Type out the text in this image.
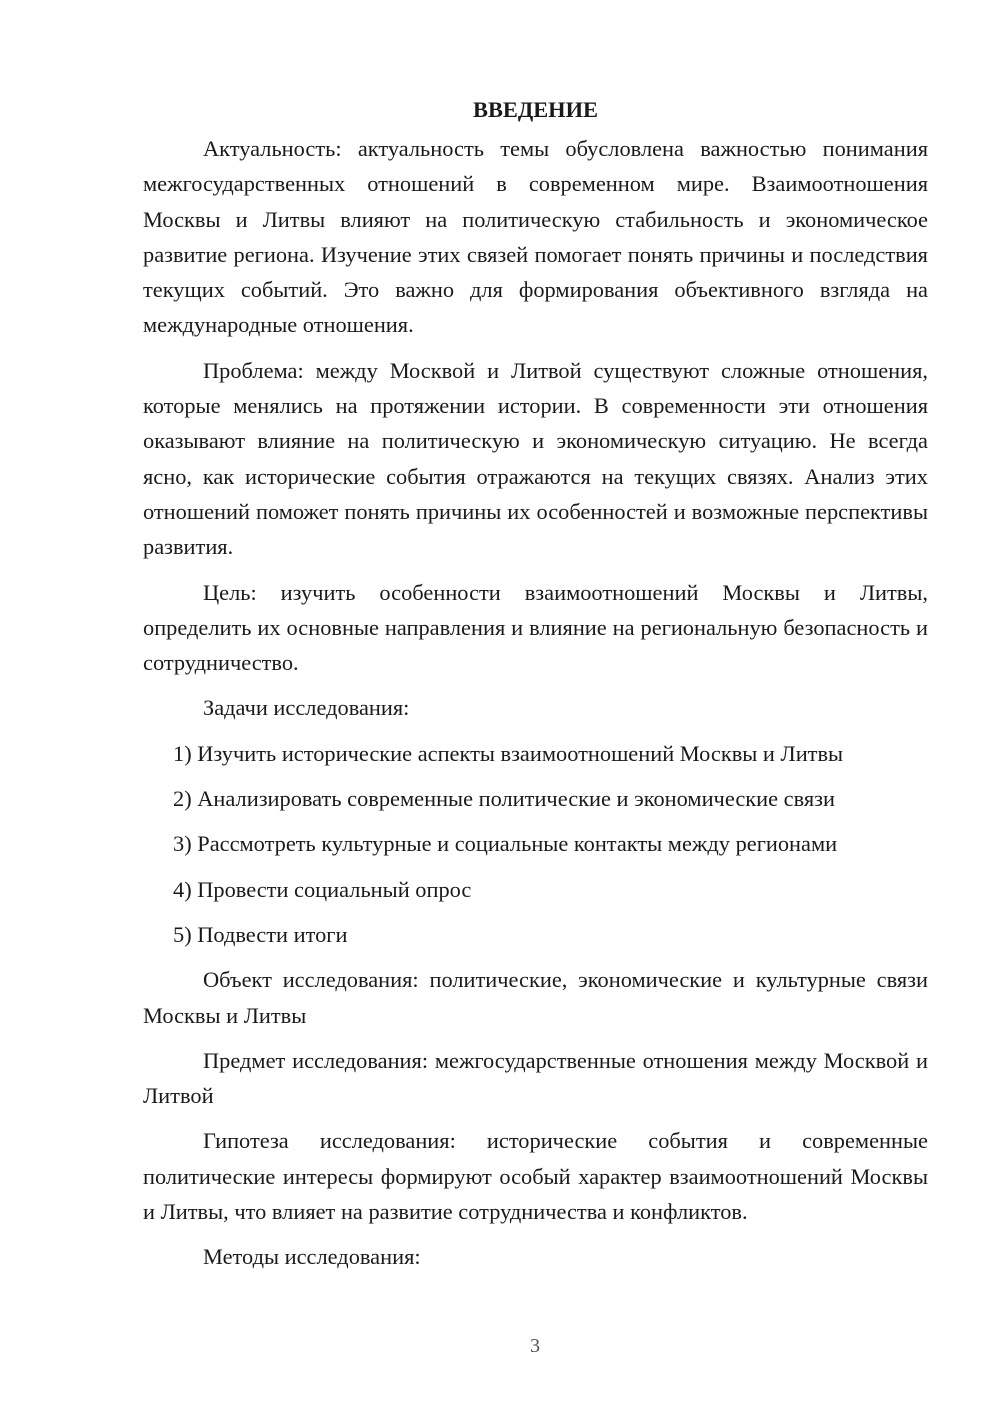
ВВЕДЕНИЕ

Актуальность: актуальность темы обусловлена важностью понимания межгосударственных отношений в современном мире. Взаимоотношения Москвы и Литвы влияют на политическую стабильность и экономическое развитие региона. Изучение этих связей помогает понять причины и последствия текущих событий. Это важно для формирования объективного взгляда на международные отношения.

Проблема: между Москвой и Литвой существуют сложные отношения, которые менялись на протяжении истории. В современности эти отношения оказывают влияние на политическую и экономическую ситуацию. Не всегда ясно, как исторические события отражаются на текущих связях. Анализ этих отношений поможет понять причины их особенностей и возможные перспективы развития.

Цель: изучить особенности взаимоотношений Москвы и Литвы, определить их основные направления и влияние на региональную безопасность и сотрудничество.

Задачи исследования:

1) Изучить исторические аспекты взаимоотношений Москвы и Литвы
2) Анализировать современные политические и экономические связи
3) Рассмотреть культурные и социальные контакты между регионами
4) Провести социальный опрос
5) Подвести итоги

Объект исследования: политические, экономические и культурные связи Москвы и Литвы

Предмет исследования: межгосударственные отношения между Москвой и Литвой

Гипотеза исследования: исторические события и современные политические интересы формируют особый характер взаимоотношений Москвы и Литвы, что влияет на развитие сотрудничества и конфликтов.

Методы исследования:

3
